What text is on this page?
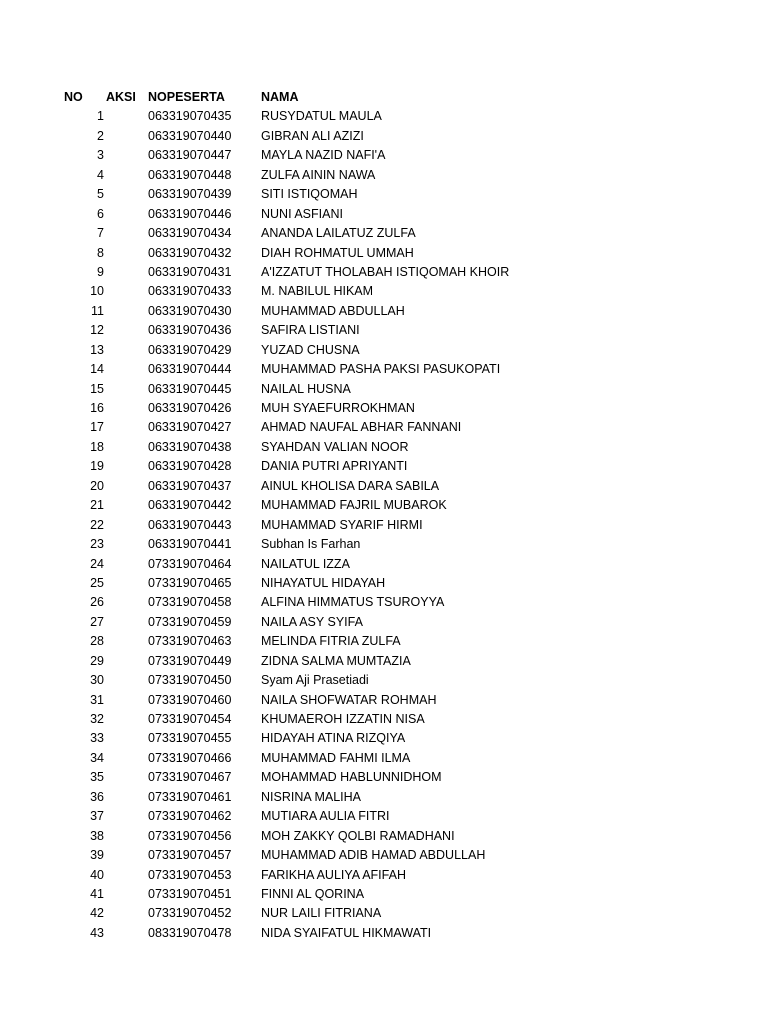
NO AKSI NOPESERTA	NAMA
1	063319070435 RUSYDATUL MAULA
2	063319070440 GIBRAN ALI AZIZI
3	063319070447 MAYLA NAZID NAFI'A
4	063319070448 ZULFA AININ NAWA
5	063319070439 SITI ISTIQOMAH
6	063319070446 NUNI ASFIANI
7	063319070434 ANANDA LAILATUZ ZULFA
8	063319070432 DIAH ROHMATUL UMMAH
9	063319070431 A'IZZATUT THOLABAH ISTIQOMAH KHOIR
10	063319070433 M. NABILUL HIKAM
11	063319070430 MUHAMMAD ABDULLAH
12	063319070436 SAFIRA LISTIANI
13	063319070429 YUZAD CHUSNA
14	063319070444 MUHAMMAD PASHA PAKSI PASUKOPATI
15	063319070445 NAILAL HUSNA
16	063319070426 MUH SYAEFURROKHMAN
17	063319070427 AHMAD NAUFAL ABHAR FANNANI
18	063319070438 SYAHDAN VALIAN NOOR
19	063319070428 DANIA PUTRI APRIYANTI
20	063319070437 AINUL KHOLISA DARA SABILA
21	063319070442 MUHAMMAD FAJRIL MUBAROK
22	063319070443 MUHAMMAD SYARIF HIRMI
23	063319070441 Subhan Is Farhan
24	073319070464 NAILATUL IZZA
25	073319070465 NIHAYATUL HIDAYAH
26	073319070458 ALFINA HIMMATUS TSUROYYA
27	073319070459 NAILA ASY SYIFA
28	073319070463 MELINDA FITRIA ZULFA
29	073319070449 ZIDNA SALMA MUMTAZIA
30	073319070450 Syam Aji Prasetiadi
31	073319070460 NAILA SHOFWATAR ROHMAH
32	073319070454 KHUMAEROH IZZATIN NISA
33	073319070455 HIDAYAH ATINA RIZQIYA
34	073319070466 MUHAMMAD FAHMI ILMA
35	073319070467 MOHAMMAD HABLUNNIDHOM
36	073319070461 NISRINA MALIHA
37	073319070462 MUTIARA AULIA FITRI
38	073319070456 MOH ZAKKY QOLBI RAMADHANI
39	073319070457 MUHAMMAD ADIB HAMAD ABDULLAH
40	073319070453 FARIKHA AULIYA AFIFAH
41	073319070451 FINNI AL QORINA
42	073319070452 NUR LAILI FITRIANA
43	083319070478 NIDA SYAIFATUL HIKMAWATI
